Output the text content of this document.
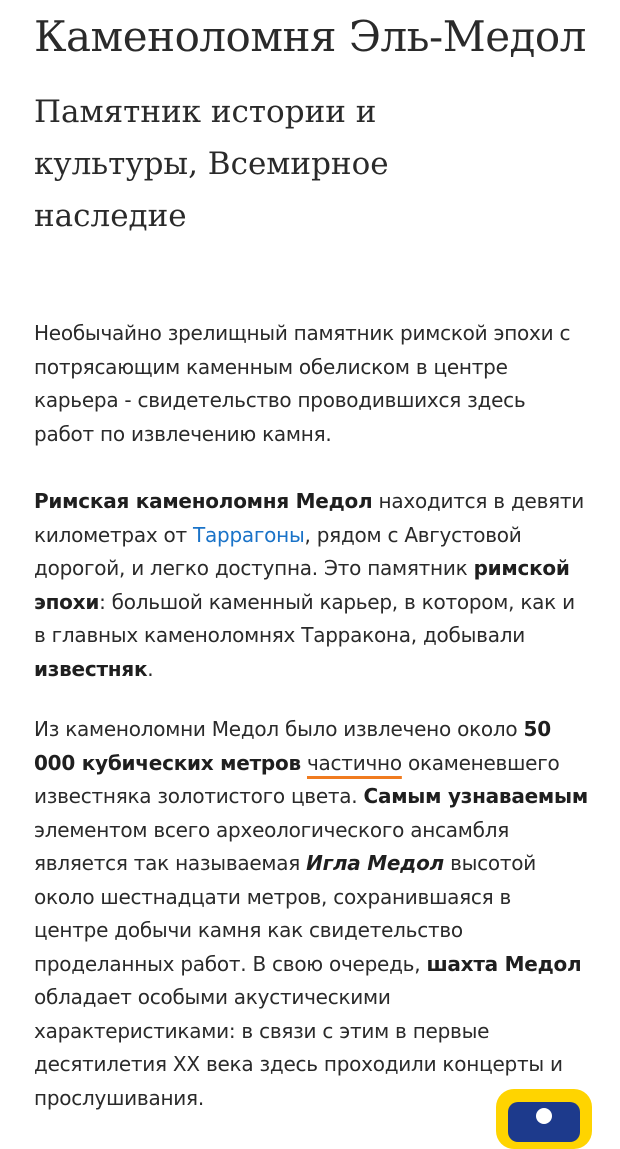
Каменоломня Эль-Медол
Памятник истории и культуры, Всемирное наследие

Необычайно зрелищный памятник римской эпохи с потрясающим каменным обелиском в центре карьера - свидетельство проводившихся здесь работ по извлечению камня.

Римская каменоломня Медол находится в девяти километрах от Таррагоны, рядом с Августовой дорогой, и легко доступна. Это памятник римской эпохи: большой каменный карьер, в котором, как и в главных каменоломнях Тарракона, добывали известняк.

Из каменоломни Медол было извлечено около 50 000 кубических метров частично окаменевшего известняка золотистого цвета. Самым узнаваемым элементом всего археологического ансамбля является так называемая Игла Медол высотой около шестнадцати метров, сохранившаяся в центре добычи камня как свидетельство проделанных работ. В свою очередь, шахта Медол обладает особыми акустическими характеристиками: в связи с этим в первые десятилетия XX века здесь проходили концерты и прослушивания.
